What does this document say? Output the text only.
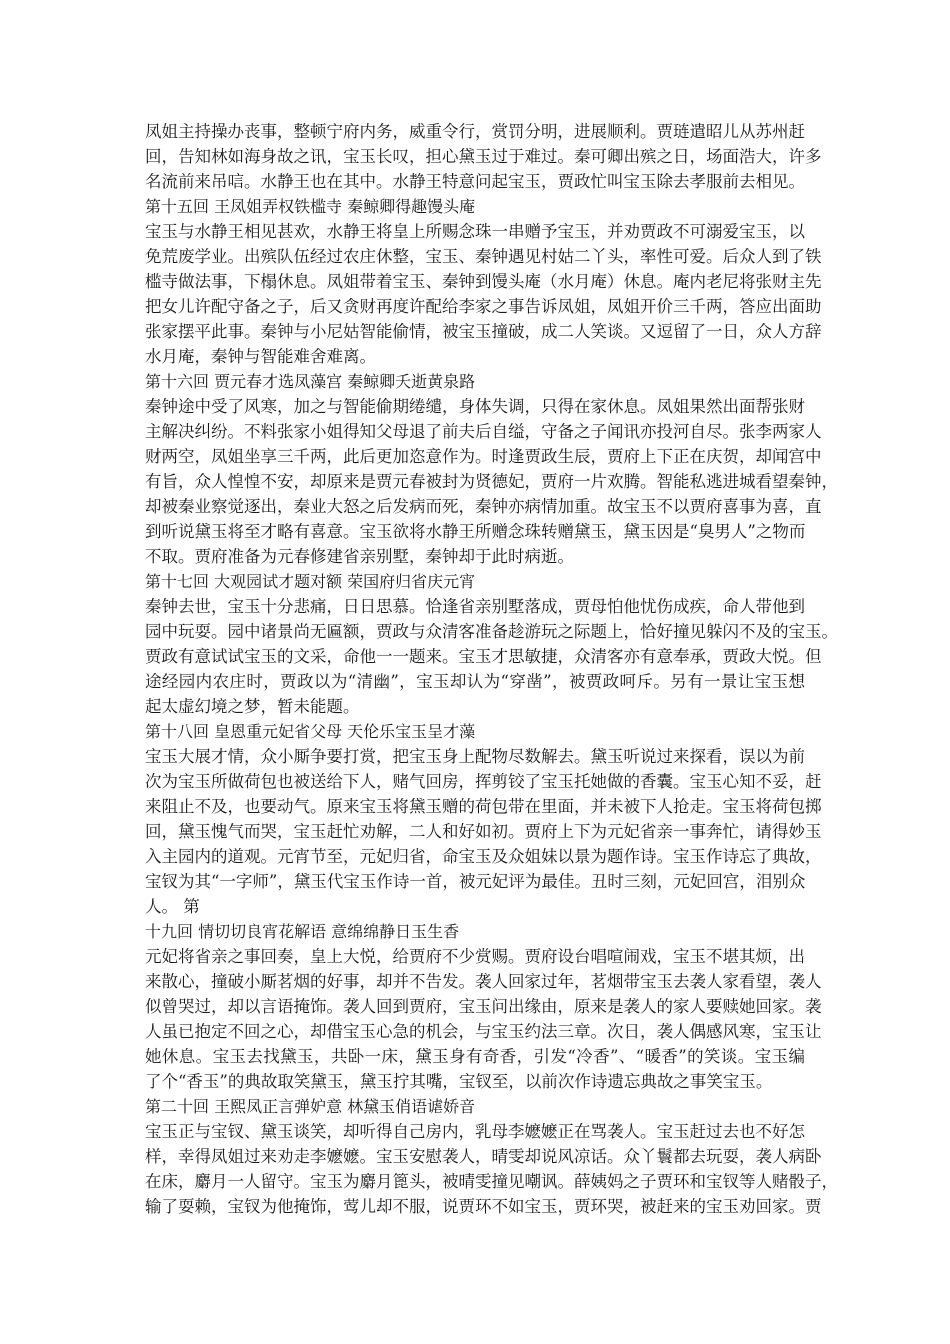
凤姐主持操办丧事，整顿宁府内务，威重令行，赏罚分明，进展顺利。贾琏遣昭儿从苏州赶
回，告知林如海身故之讯，宝玉长叹，担心黛玉过于难过。秦可卿出殡之日，场面浩大，许多
名流前来吊唁。水静王也在其中。水静王特意问起宝玉，贾政忙叫宝玉除去孝服前去相见。
第十五回 王凤姐弄权铁槛寺 秦鲸卿得趣馒头庵
宝玉与水静王相见甚欢，水静王将皇上所赐念珠一串赠予宝玉，并劝贾政不可溺爱宝玉，以
免荒废学业。出殡队伍经过农庄休整，宝玉、秦钟遇见村姑二丫头，率性可爱。后众人到了铁
槛寺做法事，下榻休息。凤姐带着宝玉、秦钟到馒头庵（水月庵）休息。庵内老尼将张财主先
把女儿许配守备之子，后又贪财再度许配给李家之事告诉凤姐，凤姐开价三千两，答应出面助
张家摆平此事。秦钟与小尼姑智能偷情，被宝玉撞破，成二人笑谈。又逗留了一日，众人方辞
水月庵，秦钟与智能难舍难离。
第十六回 贾元春才选凤藻宫 秦鲸卿夭逝黄泉路
秦钟途中受了风寒，加之与智能偷期绻缱，身体失调，只得在家休息。凤姐果然出面帮张财
主解决纠纷。不料张家小姐得知父母退了前夫后自缢，守备之子闻讯亦投河自尽。张李两家人
财两空，凤姐坐享三千两，此后更加恣意作为。时逢贾政生辰，贾府上下正在庆贺，却闻宫中
有旨，众人惶惶不安，却原来是贾元春被封为贤德妃，贾府一片欢腾。智能私逃进城看望秦钟，
却被秦业察觉逐出，秦业大怒之后发病而死，秦钟亦病情加重。故宝玉不以贾府喜事为喜，直
到听说黛玉将至才略有喜意。宝玉欲将水静王所赠念珠转赠黛玉，黛玉因是“臭男人”之物而
不取。贾府准备为元春修建省亲别墅，秦钟却于此时病逝。
第十七回 大观园试才题对额 荣国府归省庆元宵
秦钟去世，宝玉十分悲痛，日日思慕。恰逢省亲别墅落成，贾母怕他忧伤成疾，命人带他到
园中玩耍。园中诸景尚无匾额，贾政与众清客准备趁游玩之际题上，恰好撞见躲闪不及的宝玉。
贾政有意试试宝玉的文采，命他一一题来。宝玉才思敏捷，众清客亦有意奉承，贾政大悦。但
途经园内农庄时，贾政以为“清幽”，宝玉却认为“穿凿”，被贾政呵斥。另有一景让宝玉想
起太虚幻境之梦，暂未能题。
第十八回 皇恩重元妃省父母 天伦乐宝玉呈才藻
宝玉大展才情，众小厮争要打赏，把宝玉身上配物尽数解去。黛玉听说过来探看，误以为前
次为宝玉所做荷包也被送给下人，赌气回房，挥剪铰了宝玉托她做的香囊。宝玉心知不妥，赶
来阻止不及，也要动气。原来宝玉将黛玉赠的荷包带在里面，并未被下人抢走。宝玉将荷包掷
回，黛玉愧气而哭，宝玉赶忙劝解，二人和好如初。贾府上下为元妃省亲一事奔忙，请得妙玉
入主园内的道观。元宵节至，元妃归省，命宝玉及众姐妹以景为题作诗。宝玉作诗忘了典故，
宝钗为其“一字师”，黛玉代宝玉作诗一首，被元妃评为最佳。丑时三刻，元妃回宫，泪别众
人。 第
十九回 情切切良宵花解语 意绵绵静日玉生香
元妃将省亲之事回奏，皇上大悦，给贾府不少赏赐。贾府设台唱喧闹戏，宝玉不堪其烦，出
来散心，撞破小厮茗烟的好事，却并不告发。袭人回家过年，茗烟带宝玉去袭人家看望，袭人
似曾哭过，却以言语掩饰。袭人回到贾府，宝玉问出缘由，原来是袭人的家人要赎她回家。袭
人虽已抱定不回之心，却借宝玉心急的机会，与宝玉约法三章。次日，袭人偶感风寒，宝玉让
她休息。宝玉去找黛玉，共卧一床，黛玉身有奇香，引发“冷香”、“暖香”的笑谈。宝玉编
了个“香玉”的典故取笑黛玉，黛玉拧其嘴，宝钗至，以前次作诗遗忘典故之事笑宝玉。
第二十回 王熙凤正言弹妒意 林黛玉俏语谑娇音
宝玉正与宝钗、黛玉谈笑，却听得自己房内，乳母李嬷嬷正在骂袭人。宝玉赶过去也不好怎
样，幸得凤姐过来劝走李嬷嬷。宝玉安慰袭人，晴雯却说风凉话。众丫鬟都去玩耍，袭人病卧
在床，麝月一人留守。宝玉为麝月篦头，被晴雯撞见嘲讽。薛姨妈之子贾环和宝钗等人赌骰子，
输了耍赖，宝钗为他掩饰，莺儿却不服，说贾环不如宝玉，贾环哭，被赶来的宝玉劝回家。贾
